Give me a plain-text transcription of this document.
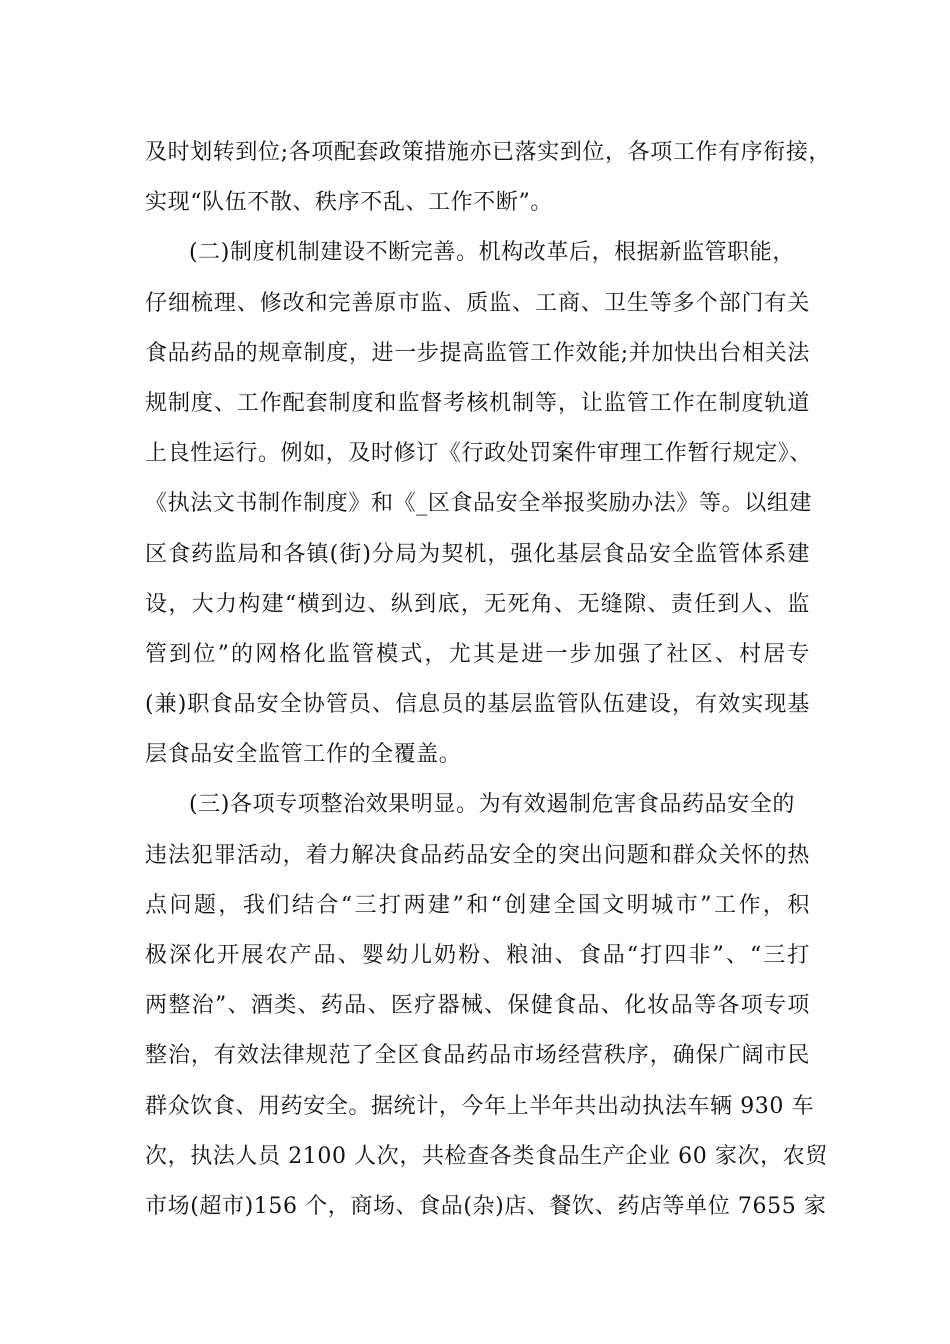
及时划转到位;各项配套政策措施亦已落实到位，各项工作有序衔接，
实现“队伍不散、秩序不乱、工作不断”。
(二)制度机制建设不断完善。机构改革后，根据新监管职能，
仔细梳理、修改和完善原市监、质监、工商、卫生等多个部门有关
食品药品的规章制度，进一步提高监管工作效能;并加快出台相关法
规制度、工作配套制度和监督考核机制等，让监管工作在制度轨道
上良性运行。例如，及时修订《行政处罚案件审理工作暂行规定》、
《执法文书制作制度》和《_区食品安全举报奖励办法》等。以组建
区食药监局和各镇(街)分局为契机，强化基层食品安全监管体系建
设，大力构建“横到边、纵到底，无死角、无缝隙、责任到人、监
管到位”的网格化监管模式，尤其是进一步加强了社区、村居专
(兼)职食品安全协管员、信息员的基层监管队伍建设，有效实现基
层食品安全监管工作的全覆盖。
(三)各项专项整治效果明显。为有效遏制危害食品药品安全的
违法犯罪活动，着力解决食品药品安全的突出问题和群众关怀的热
点问题，我们结合“三打两建”和“创建全国文明城市”工作，积
极深化开展农产品、婴幼儿奶粉、粮油、食品“打四非”、“三打
两整治”、酒类、药品、医疗器械、保健食品、化妆品等各项专项
整治，有效法律规范了全区食品药品市场经营秩序，确保广阔市民
群众饮食、用药安全。据统计，今年上半年共出动执法车辆 930 车
次，执法人员 2100 人次，共检查各类食品生产企业 60 家次，农贸
市场(超市)156 个，商场、食品(杂)店、餐饮、药店等单位 7655 家
